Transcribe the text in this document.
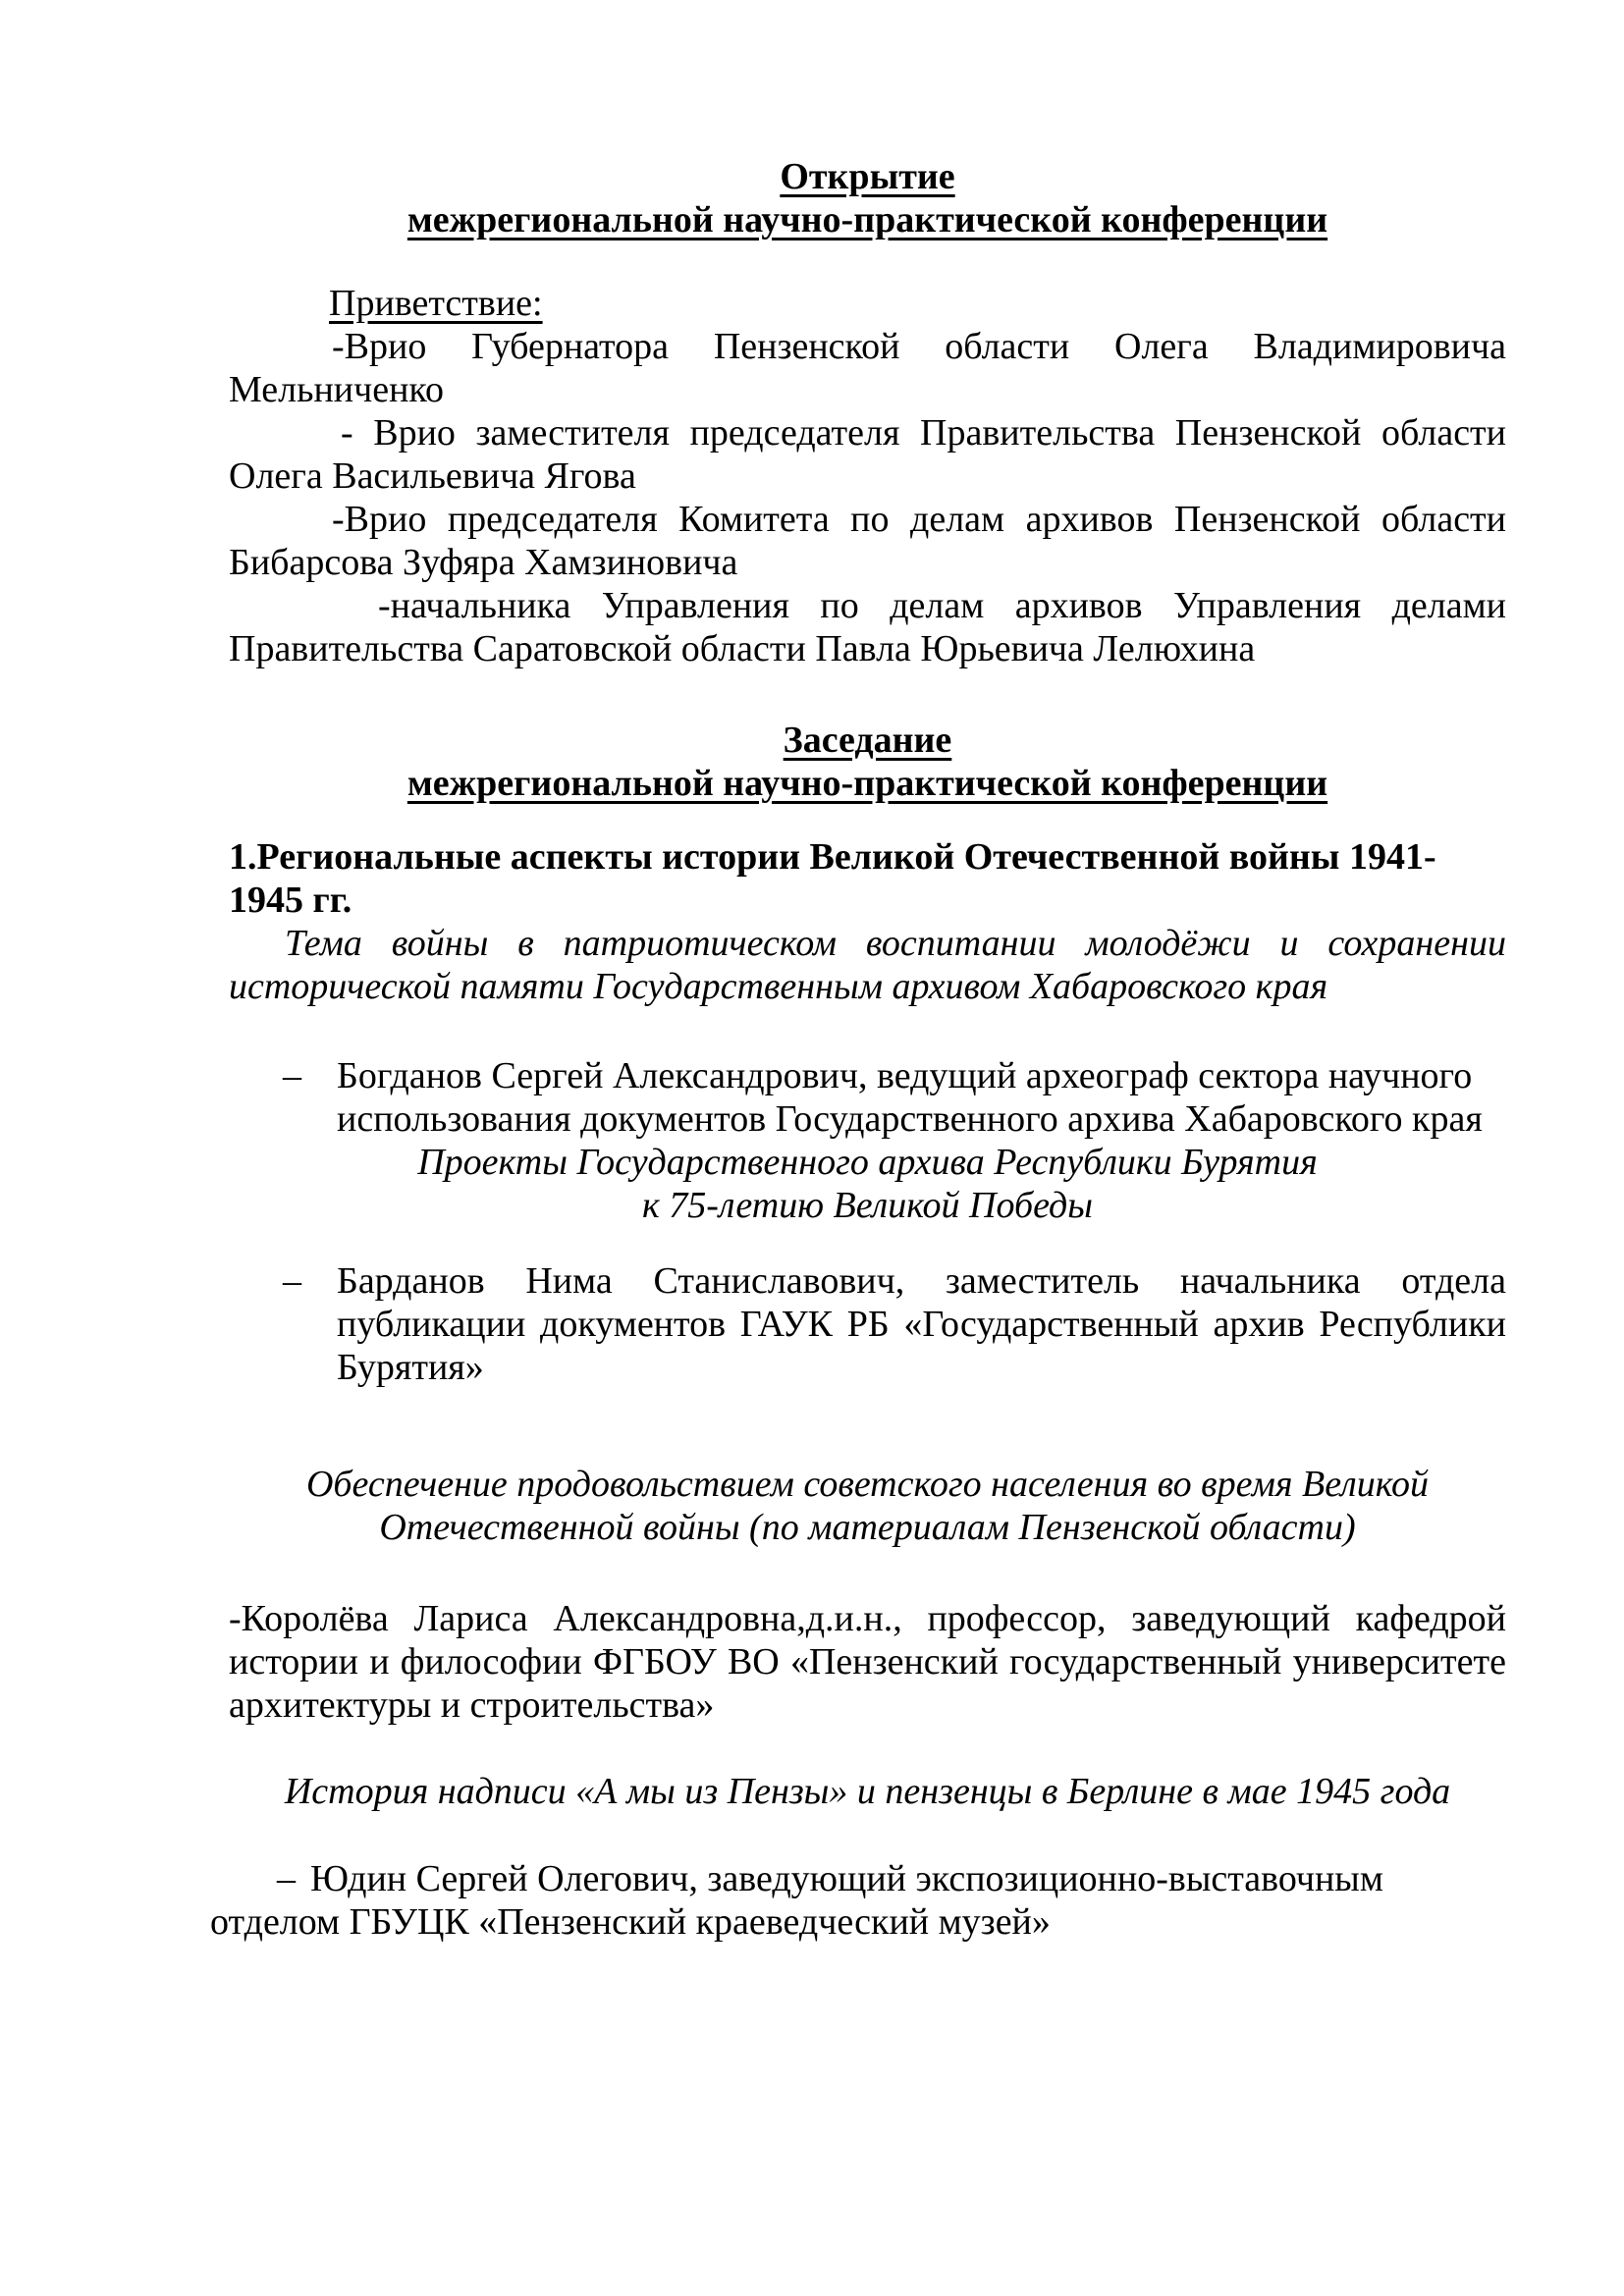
Открытие
межрегиональной научно-практической конференции

Приветствие:

-Врио Губернатора Пензенской области Олега Владимировича Мельниченко

- Врио заместителя председателя Правительства Пензенской области Олега Васильевича Ягова

-Врио председателя Комитета по делам архивов Пензенской области Бибарсова Зуфяра Хамзиновича

-начальника Управления по делам архивов Управления делами Правительства Саратовской области Павла Юрьевича Лелюхина

Заседание
межрегиональной научно-практической конференции

1.Региональные аспекты истории Великой Отечественной войны 1941-1945 гг.

Тема войны в патриотическом воспитании молодёжи и сохранении исторической памяти Государственным архивом Хабаровского края

– Богданов Сергей Александрович, ведущий археограф сектора научного использования документов Государственного архива Хабаровского края
Проекты Государственного архива Республики Бурятия
к 75-летию Великой Победы
– Барданов Нима Станиславович, заместитель начальника отдела публикации документов ГАУК РБ «Государственный архив Республики Бурятия»

Обеспечение продовольствием советского населения во время Великой Отечественной войны (по материалам Пензенской области)

-Королёва Лариса Александровна,д.и.н., профессор, заведующий кафедрой истории и философии ФГБОУ ВО «Пензенский государственный университете архитектуры и строительства»

История надписи «А мы из Пензы» и пензенцы в Берлине в мае 1945 года

– Юдин Сергей Олегович, заведующий экспозиционно-выставочным отделом ГБУЦК «Пензенский краеведческий музей»
